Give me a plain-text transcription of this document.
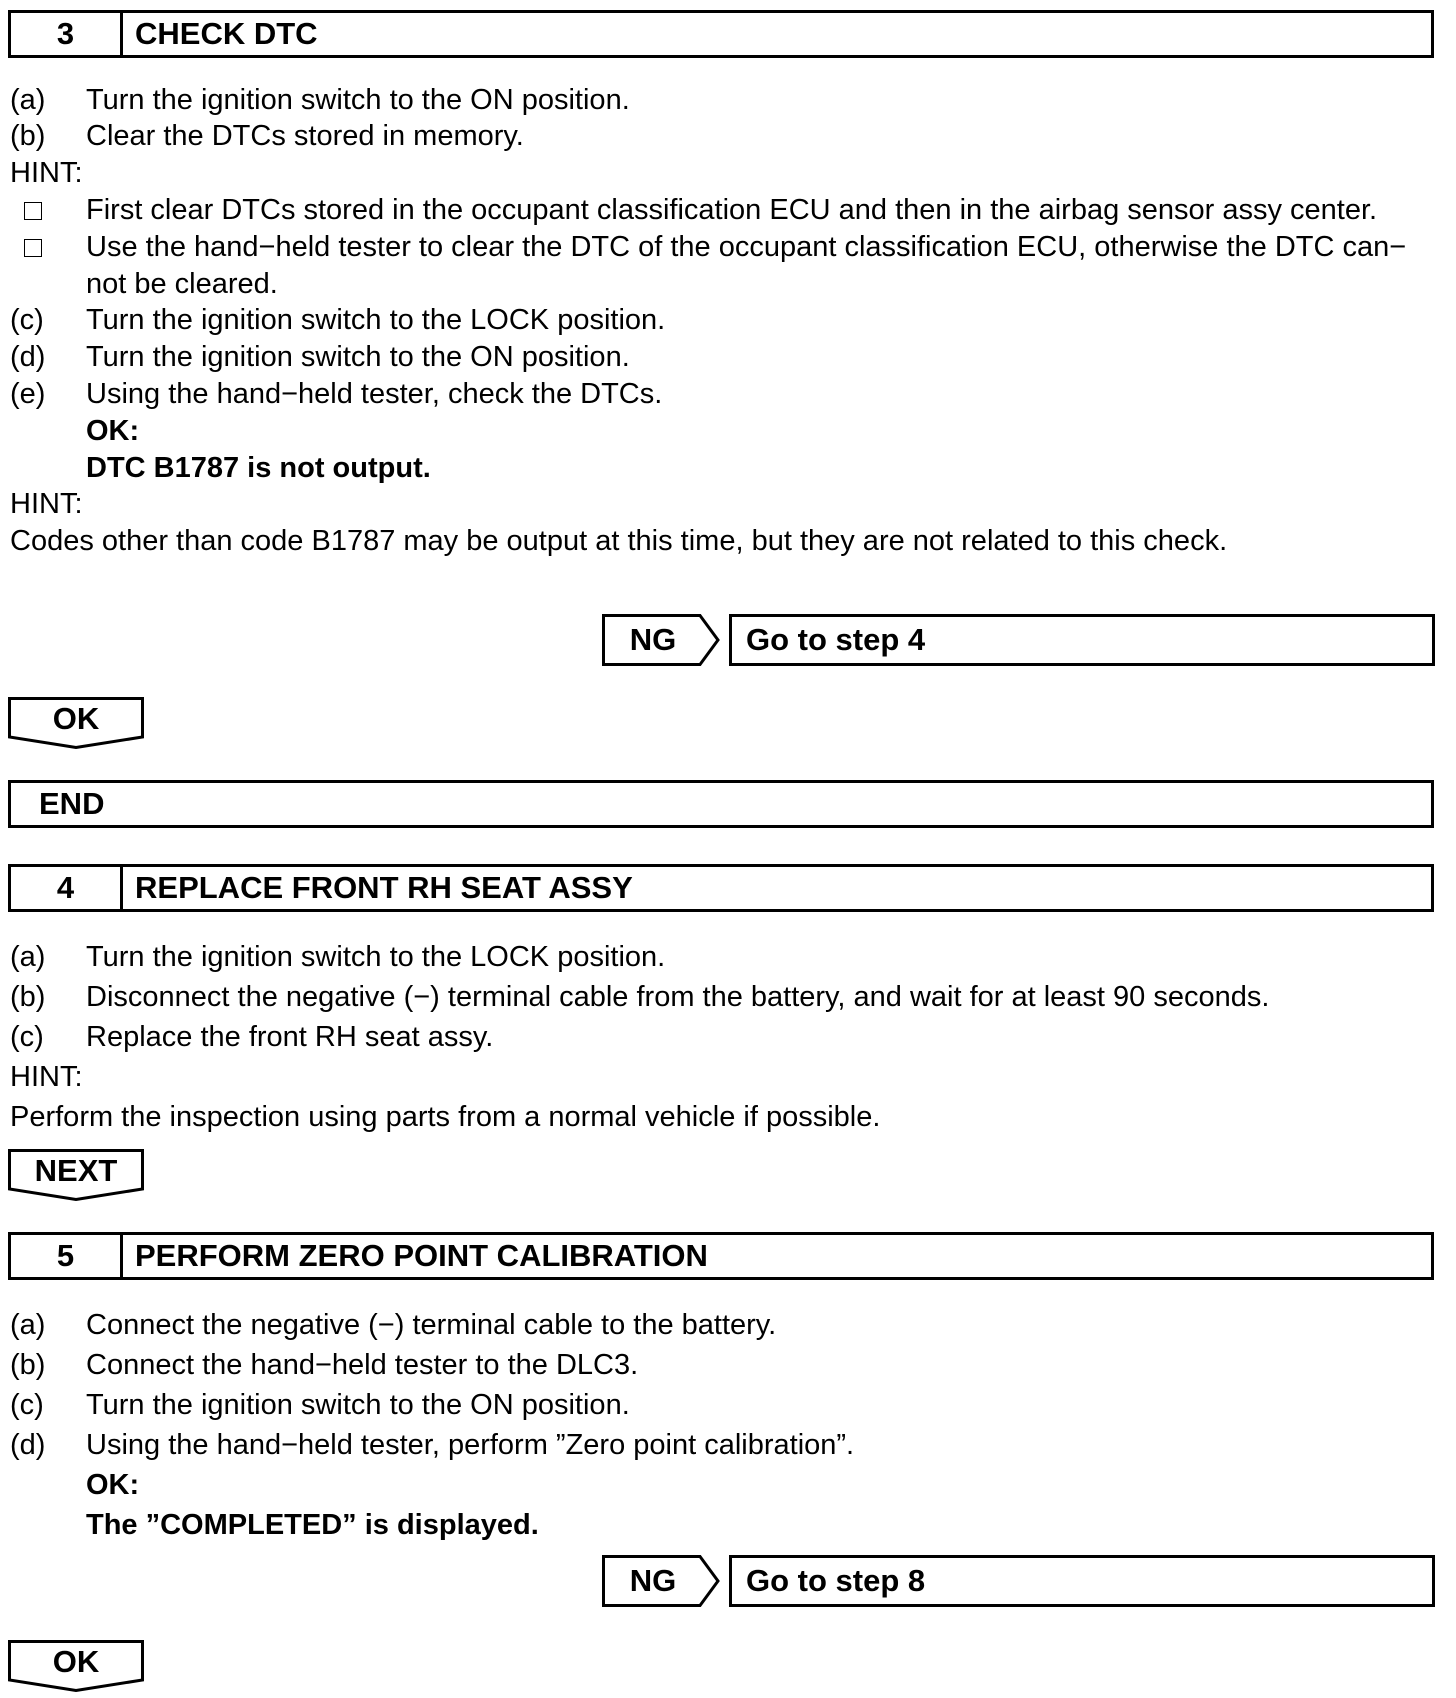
3	CHECK DTC
(a) Turn the ignition switch to the ON position.
(b) Clear the DTCs stored in memory.
HINT:
First clear DTCs stored in the occupant classification ECU and then in the airbag sensor assy center.
Use the hand−held tester to clear the DTC of the occupant classification ECU, otherwise the DTC can−
not be cleared.
(c) Turn the ignition switch to the LOCK position.
(d) Turn the ignition switch to the ON position.
(e) Using the hand−held tester, check the DTCs.
OK:
DTC B1787 is not output.
HINT:
Codes other than code B1787 may be output at this time, but they are not related to this check.
NG	Go to step 4
OK
END
4	REPLACE FRONT RH SEAT ASSY
(a) Turn the ignition switch to the LOCK position.
(b) Disconnect the negative (−) terminal cable from the battery, and wait for at least 90 seconds.
(c) Replace the front RH seat assy.
HINT:
Perform the inspection using parts from a normal vehicle if possible.
NEXT
5	PERFORM ZERO POINT CALIBRATION
(a) Connect the negative (−) terminal cable to the battery.
(b) Connect the hand−held tester to the DLC3.
(c) Turn the ignition switch to the ON position.
(d) Using the hand−held tester, perform ”Zero point calibration”.
OK:
The ”COMPLETED” is displayed.
NG	Go to step 8
OK
